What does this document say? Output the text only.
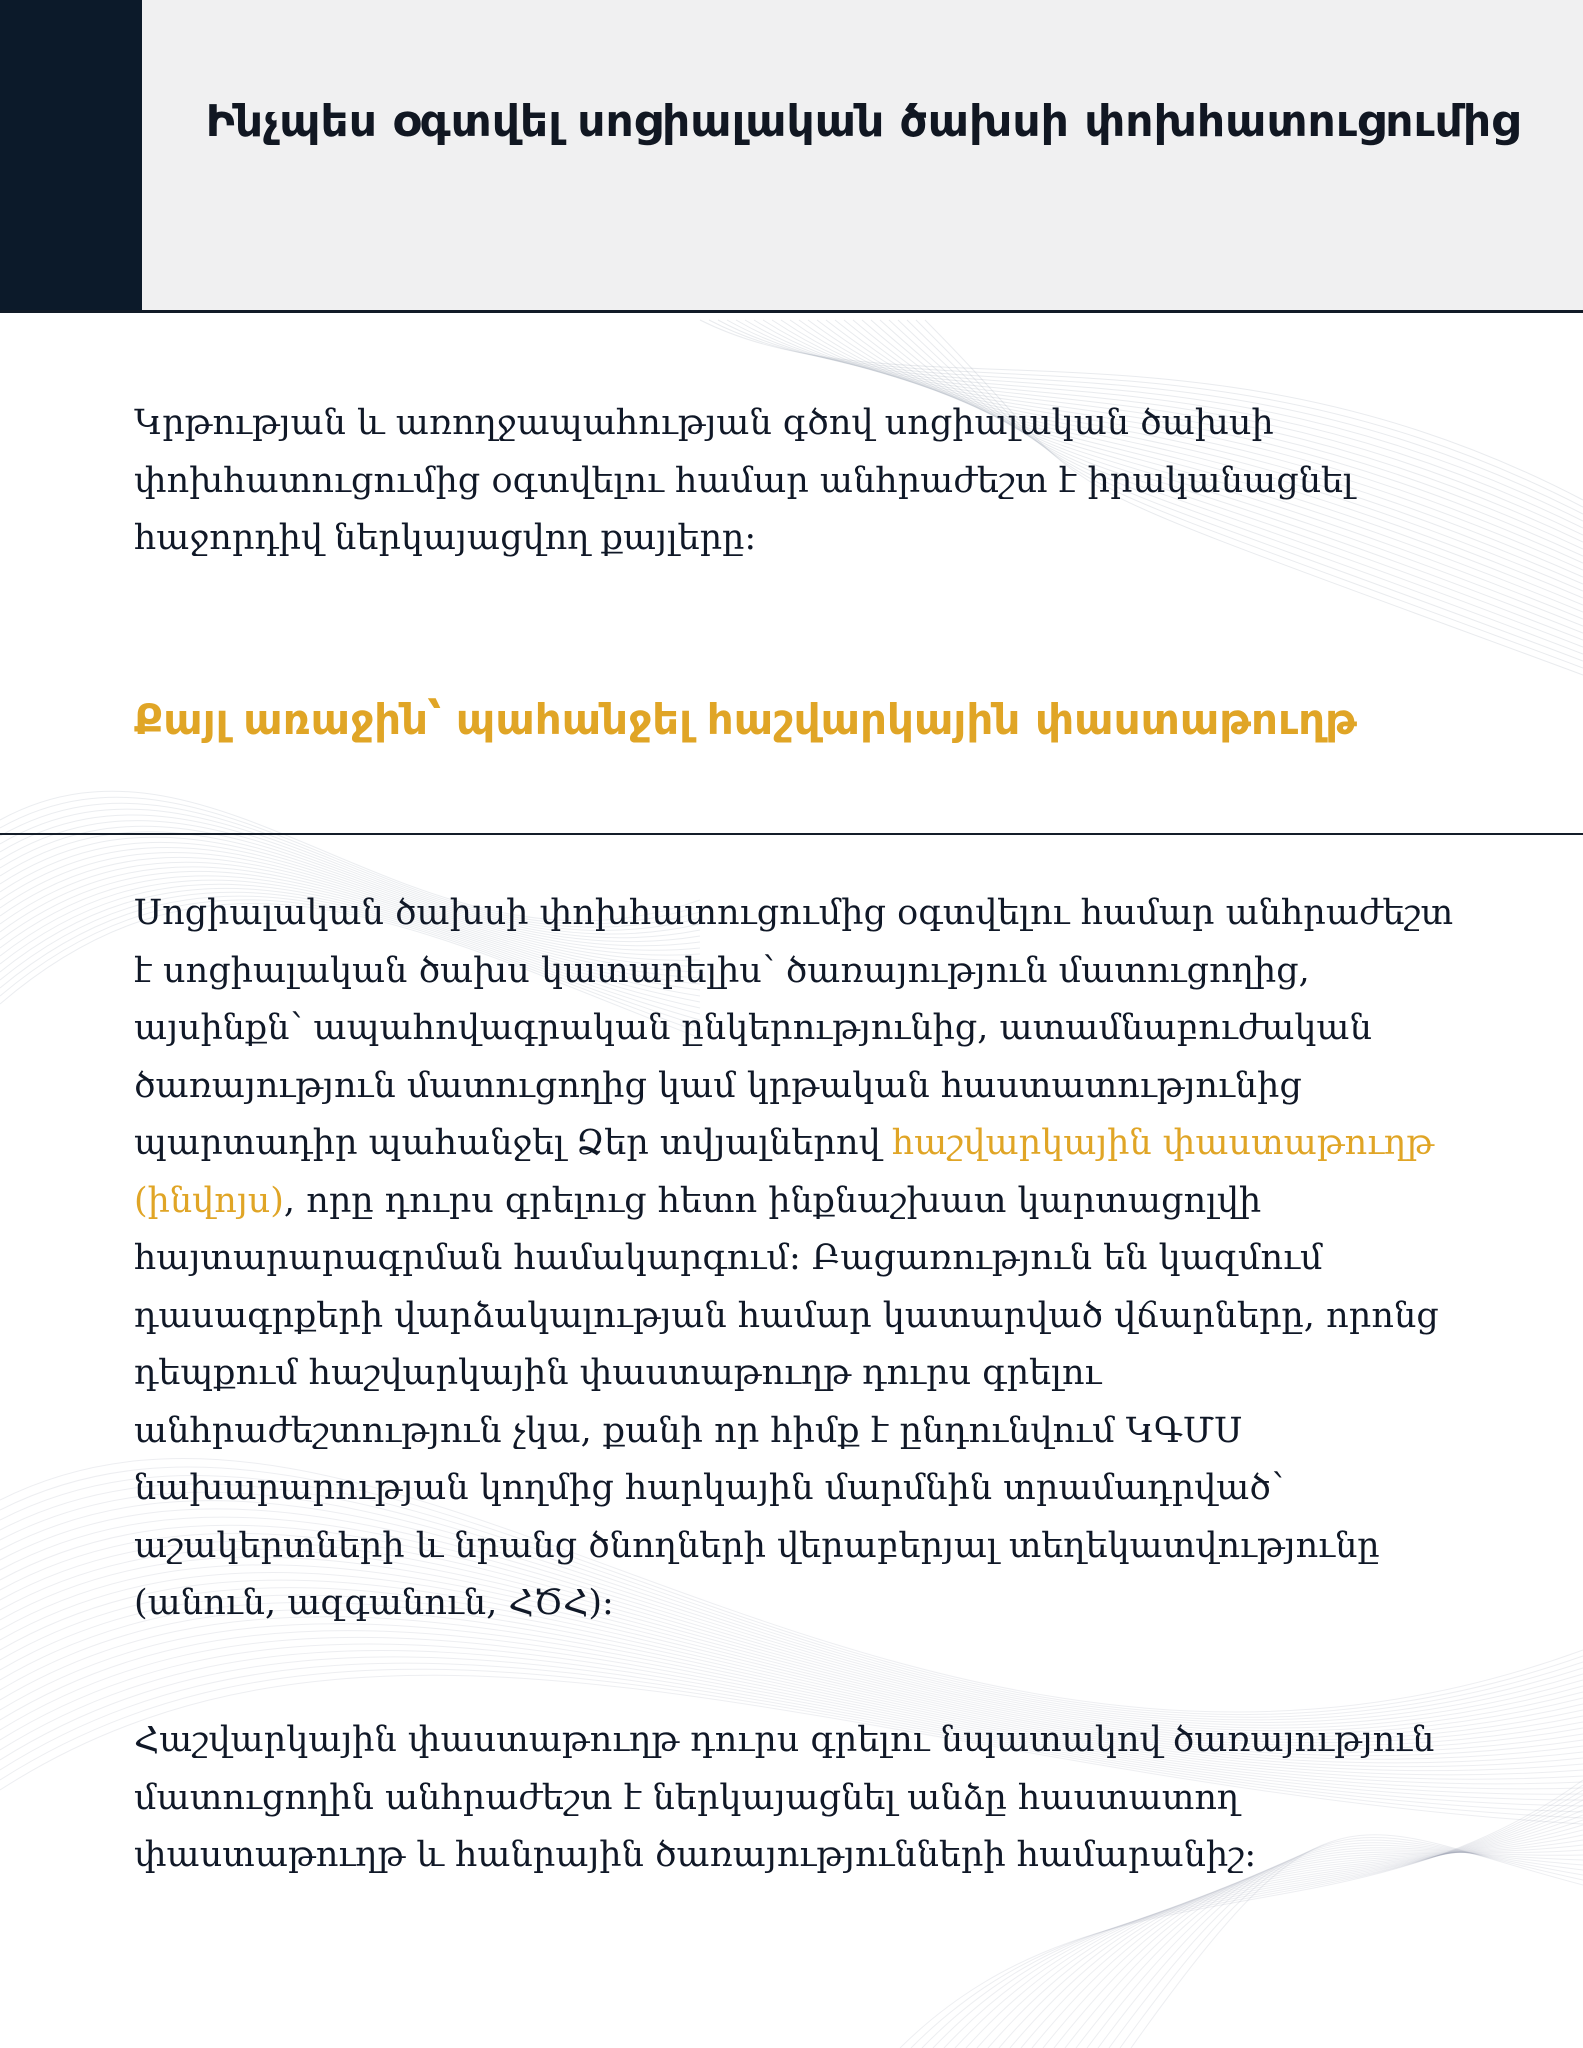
Ինչպես օգտվել սոցիալական ծախսի փոխհատուցումից

Կրթության և առողջապահության գծով սոցիալական ծախսի փոխհատուցումից օգտվելու համար անհրաժեշտ է իրականացնել հաջորդիվ ներկայացվող քայլերը:

Քայլ առաջին՝ պահանջել հաշվարկային փաստաթուղթ

Սոցիալական ծախսի փոխհատուցումից օգտվելու համար անհրաժեշտ է սոցիալական ծախս կատարելիս՝ ծառայություն մատուցողից, այսինքն՝ ապահովագրական ընկերությունից, ատամնաբուժական ծառայություն մատուցողից կամ կրթական հաստատությունից պարտադիր պահանջել Ձեր տվյալներով հաշվարկային փաստաթուղթ (ինվոյս), որը դուրս գրելուց հետո ինքնաշխատ կարտացոլվի հայտարարագրման համակարգում: Բացառություն են կազմում դասագրքերի վարձակալության համար կատարված վճարները, որոնց դեպքում հաշվարկային փաստաթուղթ դուրս գրելու անհրաժեշտություն չկա, քանի որ հիմք է ընդունվում ԿԳՄՍ նախարարության կողմից հարկային մարմնին տրամադրված՝ աշակերտների և նրանց ծնողների վերաբերյալ տեղեկատվությունը (անուն, ազգանուն, ՀԾՀ):

Հաշվարկային փաստաթուղթ դուրս գրելու նպատակով ծառայություն մատուցողին անհրաժեշտ է ներկայացնել անձը հաստատող փաստաթուղթ և հանրային ծառայությունների համարանիշ:
